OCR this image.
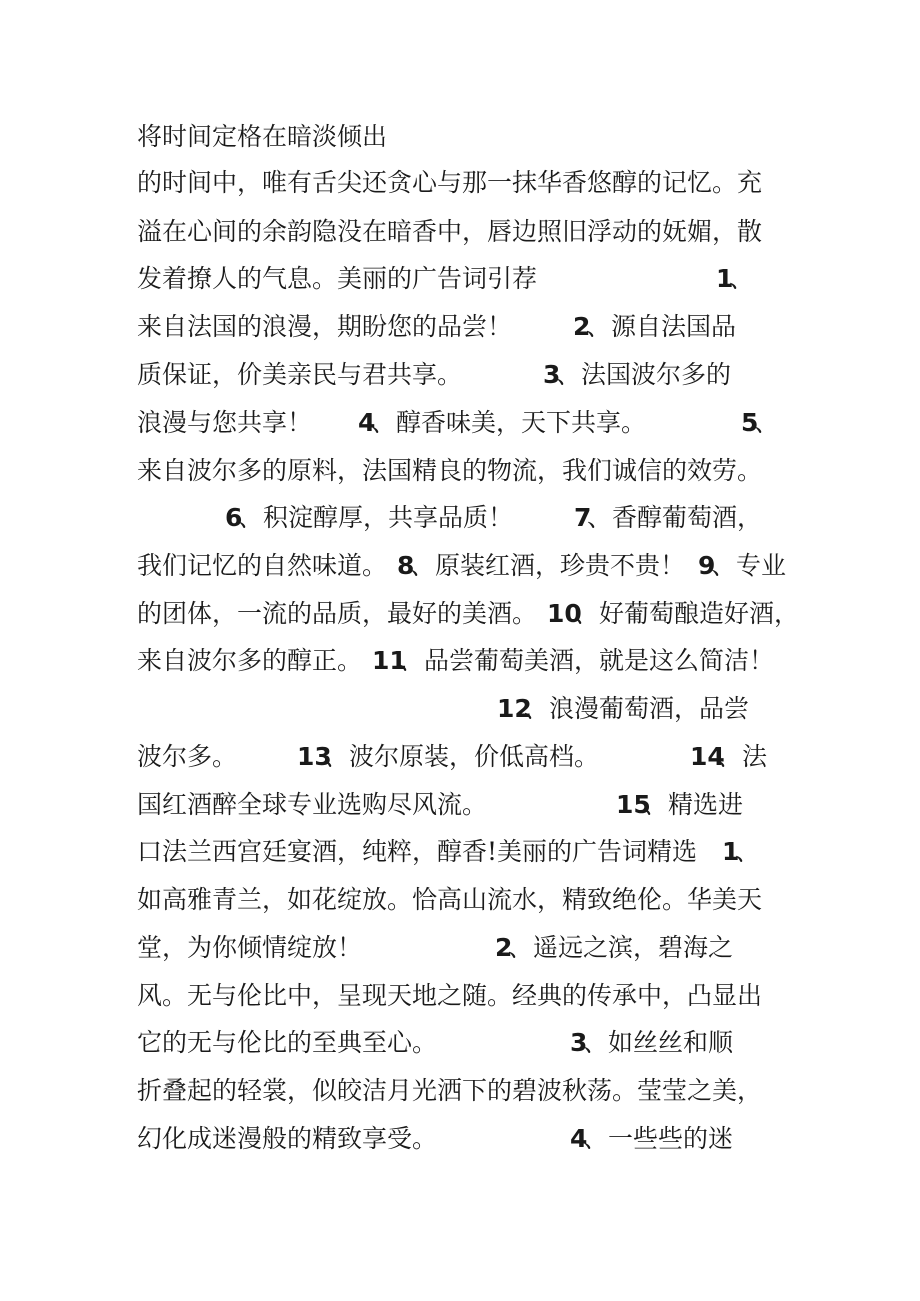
将时间定格在暗淡倾出
的时间中，唯有舌尖还贪心与那一抹华香悠醇的记忆。充
溢在心间的余韵隐没在暗香中，唇边照旧浮动的妩媚，散
发着撩人的气息。美丽的广告词引荐	1
、
来自法国的浪漫，期盼您的品尝！ 2
、源自法国品
质保证，价美亲民与君共享。	3
、法国波尔多的
浪漫与您共享！ 4
、醇香味美，天下共享。	5
、
来自波尔多的原料，法国精良的物流，我们诚信的效劳。
6
、积淀醇厚，共享品质！ 7
、香醇葡萄酒，
我们记忆的自然味道。 8
、原装红酒，珍贵不贵！ 9
、专业
的团体，一流的品质，最好的美酒。 10
、好葡萄酿造好酒，
来自波尔多的醇正。 11
、品尝葡萄美酒，就是这么简洁！
12
、浪漫葡萄酒，品尝
波尔多。 13
、波尔原装，价低高档。	14
、法
国红酒醉全球专业选购尽风流。	15
、精选进
口法兰西宫廷宴酒，纯粹，醇香!美丽的广告词精选 1
、
如高雅青兰，如花绽放。恰高山流水，精致绝伦。华美天
堂，为你倾情绽放！	2
、遥远之滨，碧海之
风。无与伦比中，呈现天地之随。经典的传承中，凸显出
它的无与伦比的至典至心。	3
、如丝丝和顺
折叠起的轻裳，似皎洁月光洒下的碧波秋荡。莹莹之美，
幻化成迷漫般的精致享受。	4
、一些些的迷
